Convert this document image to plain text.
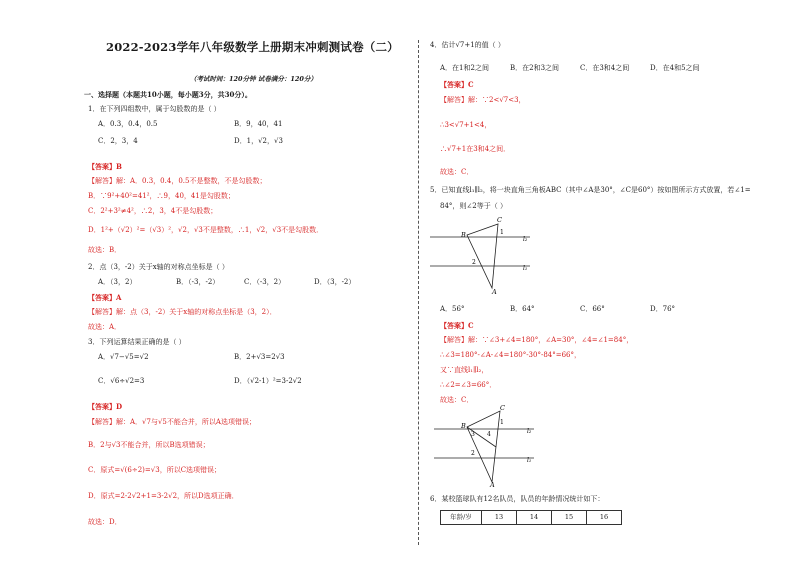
2022-2023学年八年级数学上册期末冲刺测试卷（二）
（考试时间：120分钟 试卷满分：120分）
一、选择题（本题共10小题，每小题3分，共30分）。
1．在下列四组数中，属于勾股数的是（ ）
A．0.3，0.4，0.5	B．9，40，41
C．2，3，4	D．1，√2，√3
【答案】B
【解答】解：A．0.3，0.4，0.5不是整数，不是勾股数；
B．∵9²+40²=41²，∴9，40，41是勾股数；
C．2²+3²≠4²，∴2，3，4不是勾股数；
D．1²+（√2）²=（√3）²，√2，√3不是整数，∴1，√2，√3不是勾股数．
故选：B．
2．点（3，-2）关于x轴的对称点坐标是（ ）
A．（3，2）	B．（-3，-2）	C．（-3，2）	D．（3，-2）
【答案】A
【解答】解：点（3，-2）关于x轴的对称点坐标是（3，2）．
故选：A．
3．下列运算结果正确的是（ ）
A．√7−√5=√2	B．2+√3=2√3
C．√6÷√2=3	D．（√2-1）²=3-2√2
【答案】D
【解答】解：A．√7与√5不能合并，所以A选项错误；
B．2与√3不能合并，所以B选项错误；
C．原式=√(6÷2)=√3，所以C选项错误；
D．原式=2-2√2+1=3-2√2，所以D选项正确．
故选：D．
4．估计√7+1的值（ ）
A．在1和2之间	B．在2和3之间	C．在3和4之间	D．在4和5之间
【答案】C
【解答】解：∵2<√7<3，
∴3<√7+1<4，
∴√7+1在3和4之间．
故选：C．
5．已知直线l₁∥l₂，将一块直角三角板ABC（其中∠A是30°，∠C是60°）按如图所示方式放置，若∠1=
84°，则∠2等于（ ）
l₂
l₁
B
C
A
1
2
A．56°	B．64°	C．66°	D．76°
【答案】C
【解答】解：∵∠3+∠4=180°，∠A=30°，∠4=∠1=84°，
∴∠3=180°-∠A-∠4=180°-30°-84°=66°，
又∵直线l₁∥l₂，
∴∠2=∠3=66°．
故选：C．
l₂
l₁
B
C
A
1
2
3 4
6．某校篮球队有12名队员，队员的年龄情况统计如下：
年龄/岁	13	14	15	16
